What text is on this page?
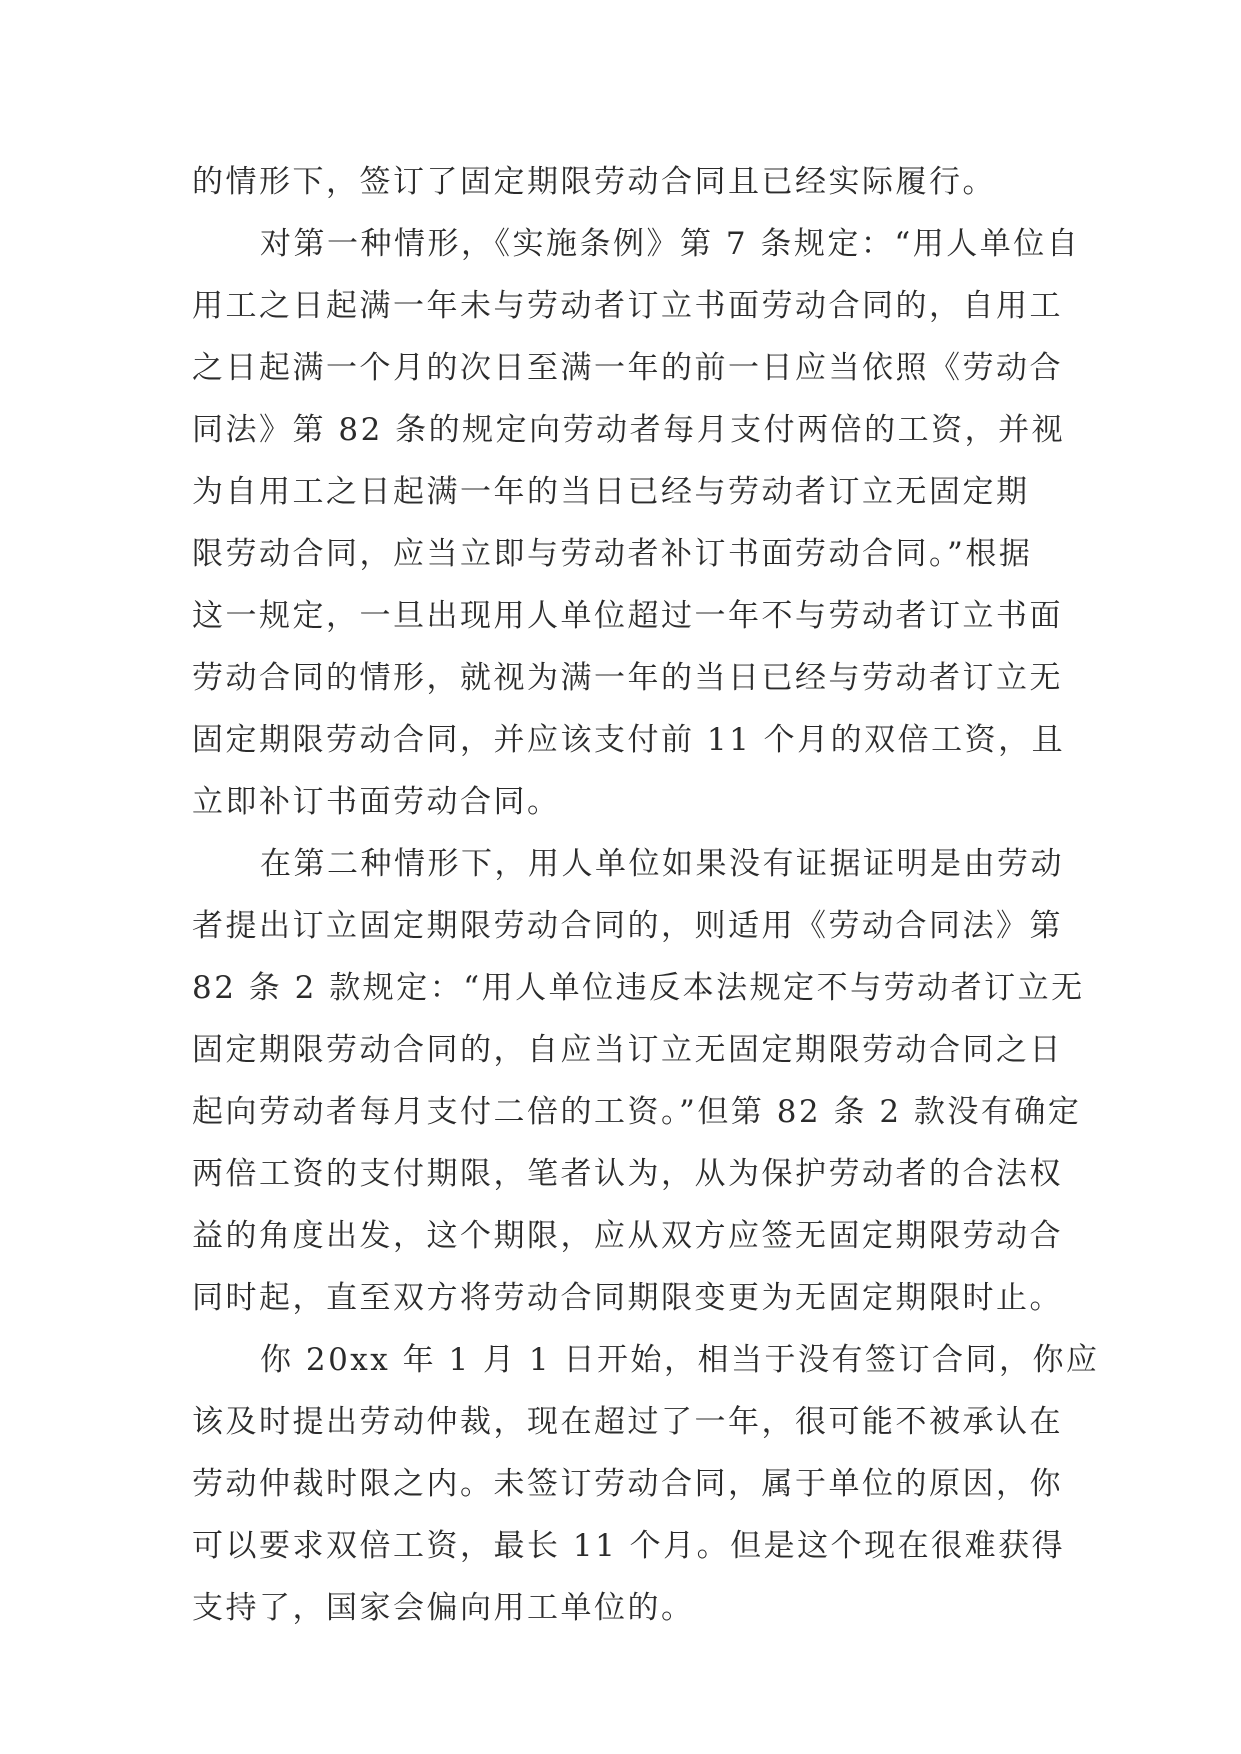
的情形下，签订了固定期限劳动合同且已经实际履行。
对第一种情形，《实施条例》第 7 条规定：“用人单位自
用工之日起满一年未与劳动者订立书面劳动合同的，自用工
之日起满一个月的次日至满一年的前一日应当依照《劳动合
同法》第 82 条的规定向劳动者每月支付两倍的工资，并视
为自用工之日起满一年的当日已经与劳动者订立无固定期
限劳动合同，应当立即与劳动者补订书面劳动合同。”根据
这一规定，一旦出现用人单位超过一年不与劳动者订立书面
劳动合同的情形，就视为满一年的当日已经与劳动者订立无
固定期限劳动合同，并应该支付前 11 个月的双倍工资，且
立即补订书面劳动合同。
在第二种情形下，用人单位如果没有证据证明是由劳动
者提出订立固定期限劳动合同的，则适用《劳动合同法》第
82 条 2 款规定：“用人单位违反本法规定不与劳动者订立无
固定期限劳动合同的，自应当订立无固定期限劳动合同之日
起向劳动者每月支付二倍的工资。”但第 82 条 2 款没有确定
两倍工资的支付期限，笔者认为，从为保护劳动者的合法权
益的角度出发，这个期限，应从双方应签无固定期限劳动合
同时起，直至双方将劳动合同期限变更为无固定期限时止。
你 20xx 年 1 月 1 日开始，相当于没有签订合同，你应
该及时提出劳动仲裁，现在超过了一年，很可能不被承认在
劳动仲裁时限之内。未签订劳动合同，属于单位的原因，你
可以要求双倍工资，最长 11 个月。但是这个现在很难获得
支持了，国家会偏向用工单位的。
